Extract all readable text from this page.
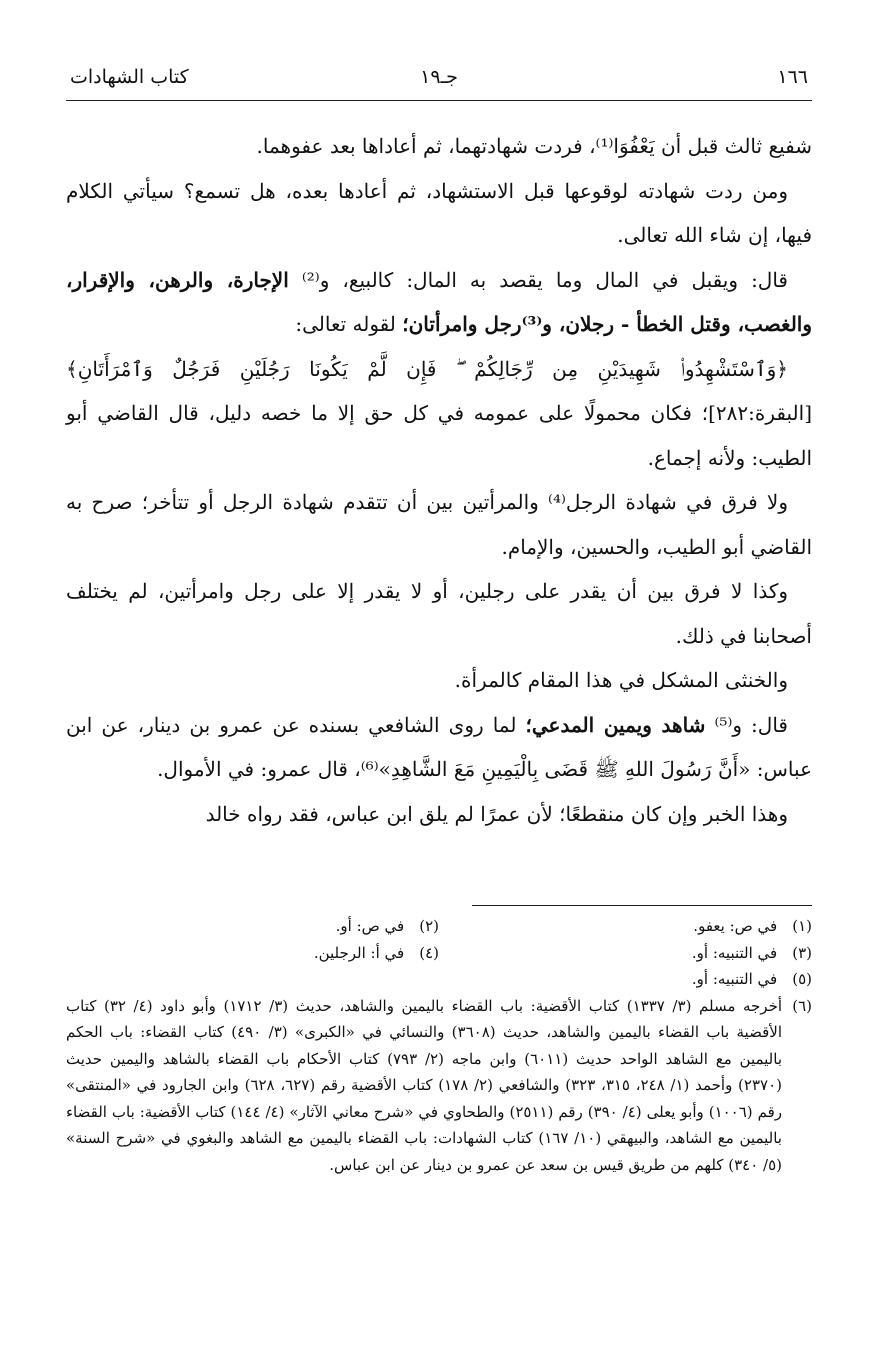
١٦٦
جـ١٩
كتاب الشهادات

شفيع ثالث قبل أن يَعْفُوَا⁽¹⁾، فردت شهادتهما، ثم أعاداها بعد عفوهما.

ومن ردت شهادته لوقوعها قبل الاستشهاد، ثم أعادها بعده، هل تسمع؟ سيأتي الكلام فيها، إن شاء الله تعالى.

قال: ويقبل في المال وما يقصد به المال: كالبيع، و⁽²⁾ الإجارة، والرهن، والإقرار، والغصب، وقتل الخطأ - رجلان، و⁽³⁾رجل وامرأتان؛ لقوله تعالى:
﴿وَٱسْتَشْهِدُوا۟ شَهِيدَيْنِ مِن رِّجَالِكُمْ ۖ فَإِن لَّمْ يَكُونَا رَجُلَيْنِ فَرَجُلٌ وَٱمْرَأَتَانِ﴾
[البقرة:٢٨٢]؛ فكان محمولًا على عمومه في كل حق إلا ما خصه دليل، قال القاضي أبو الطيب: ولأنه إجماع.

ولا فرق في شهادة الرجل⁽⁴⁾ والمرأتين بين أن تتقدم شهادة الرجل أو تتأخر؛ صرح به القاضي أبو الطيب، والحسين، والإمام.

وكذا لا فرق بين أن يقدر على رجلين، أو لا يقدر إلا على رجل وامرأتين، لم يختلف أصحابنا في ذلك.

والخنثى المشكل في هذا المقام كالمرأة.

قال: و⁽⁵⁾ شاهد ويمين المدعي؛ لما روى الشافعي بسنده عن عمرو بن دينار، عن ابن عباس: «أَنَّ رَسُولَ اللهِ ﷺ قَضَى بِالْيَمِينِ مَعَ الشَّاهِدِ»⁽⁶⁾، قال عمرو: في الأموال.

وهذا الخبر وإن كان منقطعًا؛ لأن عمرًا لم يلق ابن عباس، فقد رواه خالد

(١) في ص: يعفو.
(٢) في ص: أو.
(٣) في التنبيه: أو.
(٤) في أ: الرجلين.
(٥) في التنبيه: أو.
(٦)
أخرجه مسلم (٣/ ١٣٣٧) كتاب الأقضية: باب القضاء باليمين والشاهد، حديث (٣/ ١٧١٢) وأبو داود (٤/ ٣٢) كتاب الأقضية باب القضاء باليمين والشاهد، حديث (٣٦٠٨) والنسائي في «الكبرى» (٣/ ٤٩٠) كتاب القضاء: باب الحكم باليمين مع الشاهد الواحد حديث (٦٠١١) وابن ماجه (٢/ ٧٩٣) كتاب الأحكام باب القضاء بالشاهد واليمين حديث (٢٣٧٠) وأحمد (١/ ٢٤٨، ٣١٥، ٣٢٣) والشافعي (٢/ ١٧٨) كتاب الأقضية رقم (٦٢٧، ٦٢٨) وابن الجارود في «المنتقى» رقم (١٠٠٦) وأبو يعلى (٤/ ٣٩٠) رقم (٢٥١١) والطحاوي في «شرح معاني الآثار» (٤/ ١٤٤) كتاب الأقضية: باب القضاء باليمين مع الشاهد، والبيهقي (١٠/ ١٦٧) كتاب الشهادات: باب القضاء باليمين مع الشاهد والبغوي في «شرح السنة» (٥/ ٣٤٠) كلهم من طريق قيس بن سعد عن عمرو بن دينار عن ابن عباس.
